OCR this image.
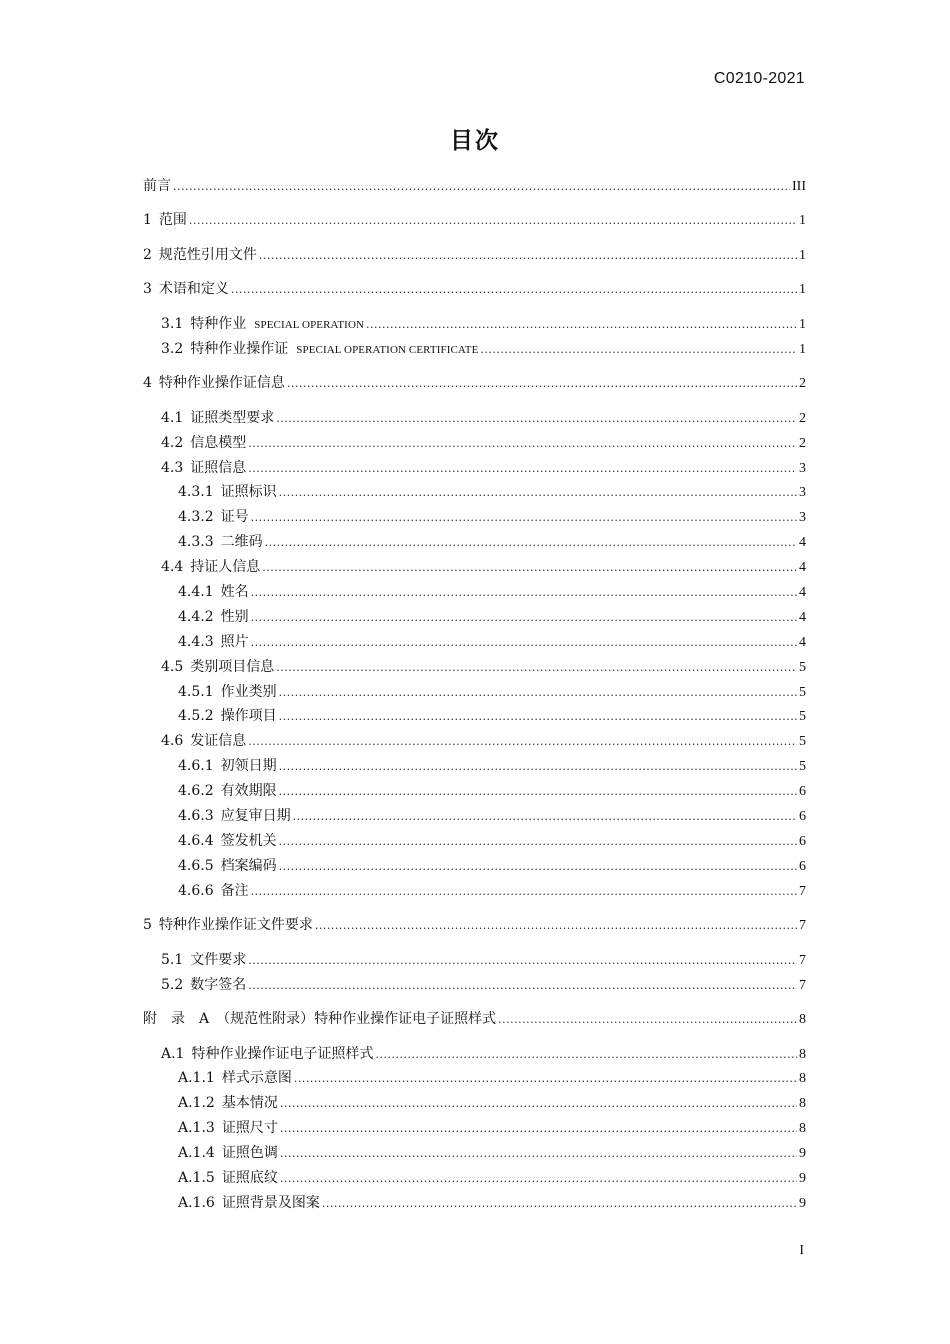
C0210-2021
目次
前言 .....	III
1 范围 .....	1
2 规范性引用文件 .....	1
3 术语和定义 .....	1
3.1 特种作业 SPECIAL OPERATION .....	1
3.2 特种作业操作证 SPECIAL OPERATION CERTIFICATE .....	1
4 特种作业操作证信息 .....	2
4.1 证照类型要求 .....	2
4.2 信息模型 .....	2
4.3 证照信息 .....	3
4.3.1 证照标识 .....	3
4.3.2 证号 .....	3
4.3.3 二维码 .....	4
4.4 持证人信息 .....	4
4.4.1 姓名 .....	4
4.4.2 性别 .....	4
4.4.3 照片 .....	4
4.5 类别项目信息 .....	5
4.5.1 作业类别 .....	5
4.5.2 操作项目 .....	5
4.6 发证信息 .....	5
4.6.1 初领日期 .....	5
4.6.2 有效期限 .....	6
4.6.3 应复审日期 .....	6
4.6.4 签发机关 .....	6
4.6.5 档案编码 .....	6
4.6.6 备注 .....	7
5 特种作业操作证文件要求 .....	7
5.1 文件要求 .....	7
5.2 数字签名 .....	7
附　录　A （规范性附录）特种作业操作证电子证照样式 .....	8
A.1 特种作业操作证电子证照样式 .....	8
A.1.1 样式示意图 .....	8
A.1.2 基本情况 .....	8
A.1.3 证照尺寸 .....	8
A.1.4 证照色调 .....	9
A.1.5 证照底纹 .....	9
A.1.6 证照背景及图案 .....	9
I
